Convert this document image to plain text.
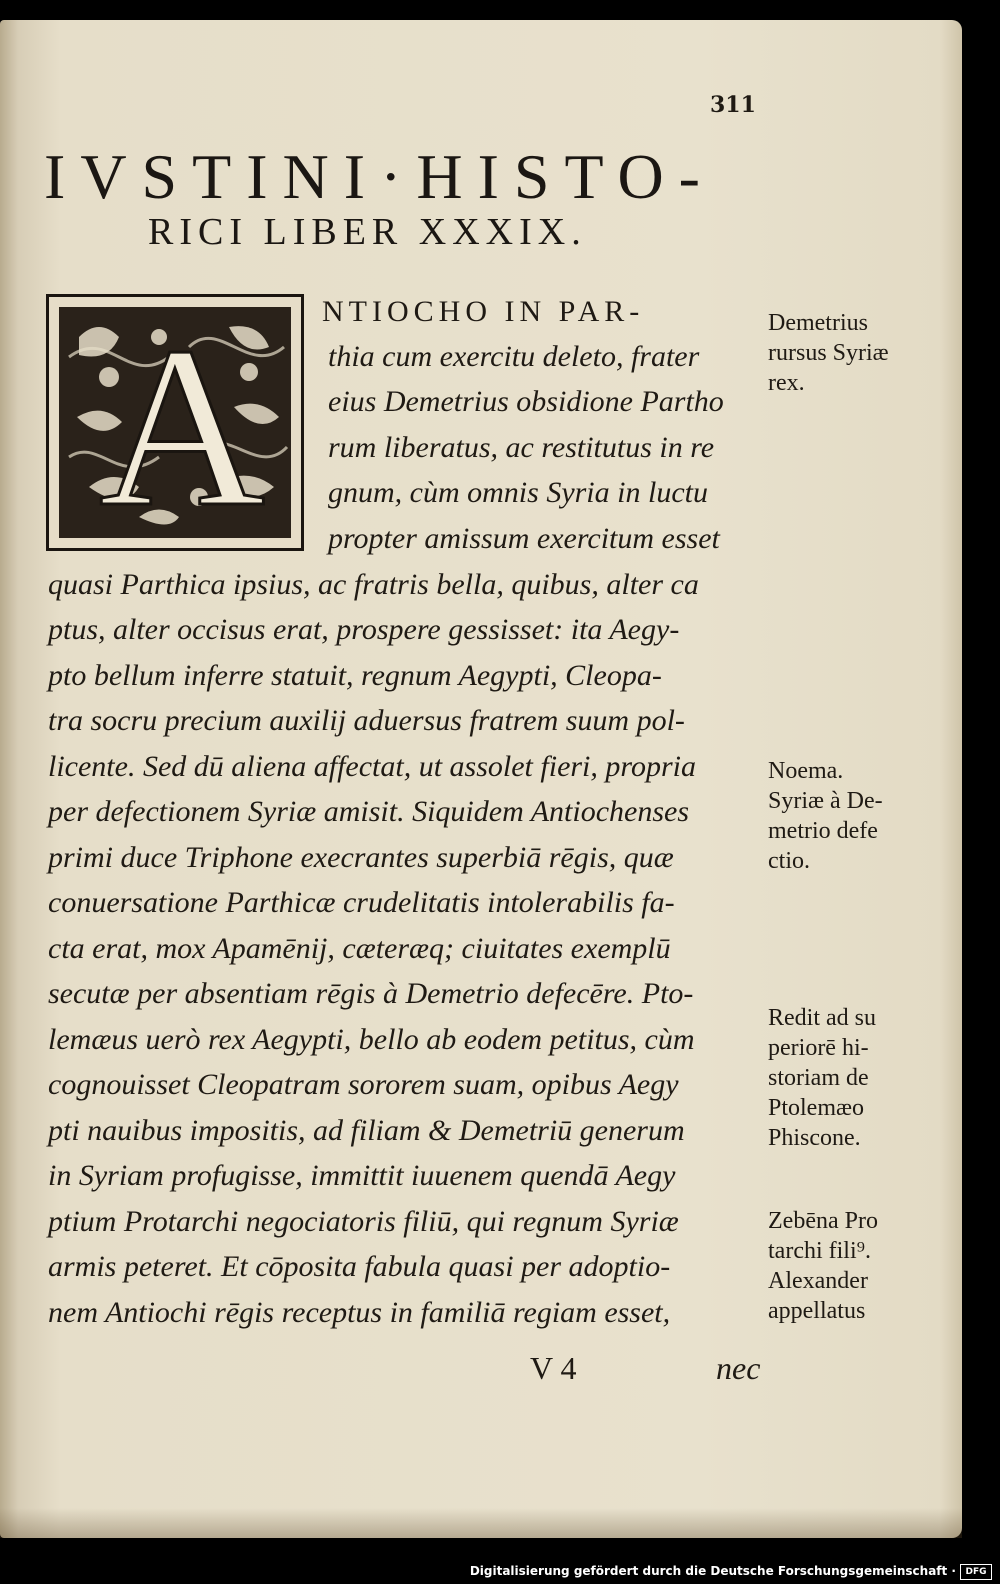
311
IVSTINI·HISTO-
RICI LIBER XXXIX.
A NTIOCHO IN PAR-
thia cum exercitu deleto, frater
eius Demetrius obsidione Partho
rum liberatus, ac restitutus in re
gnum, cùm omnis Syria in luctu
propter amissum exercitum esset
quasi Parthica ipsius, ac fratris bella, quibus, alter ca
ptus, alter occisus erat, prospere gessisset: ita Aegy-
pto bellum inferre statuit, regnum Aegypti, Cleopa-
tra socru precium auxilij aduersus fratrem suum pol-
licente. Sed dū aliena affectat, ut assolet fieri, propria
per defectionem Syriæ amisit. Siquidem Antiochenses
primi duce Triphone execrantes superbiā rēgis, quæ
conuersatione Parthicæ crudelitatis intolerabilis fa-
cta erat, mox Apamēnij, cæteræq; ciuitates exemplū
secutæ per absentiam rēgis à Demetrio defecēre. Pto-
lemæus uerò rex Aegypti, bello ab eodem petitus, cùm
cognouisset Cleopatram sororem suam, opibus Aegy
pti nauibus impositis, ad filiam & Demetriū generum
in Syriam profugisse, immittit iuuenem quendā Aegy
ptium Protarchi negociatoris filiū, qui regnum Syriæ
armis peteret. Et cōposita fabula quasi per adoptio-
nem Antiochi rēgis receptus in familiā regiam esset,
Demetrius
rursus Syriæ
rex.
Noema.
Syriæ à De-
metrio defe
ctio.
Redit ad su
periorē hi-
storiam de
Ptolemæo
Phiscone.
Zebēna Pro
tarchi fili⁹.
Alexander
appellatus
V 4	nec
Digitalisierung gefördert durch die Deutsche Forschungsgemeinschaft ·	DFG
